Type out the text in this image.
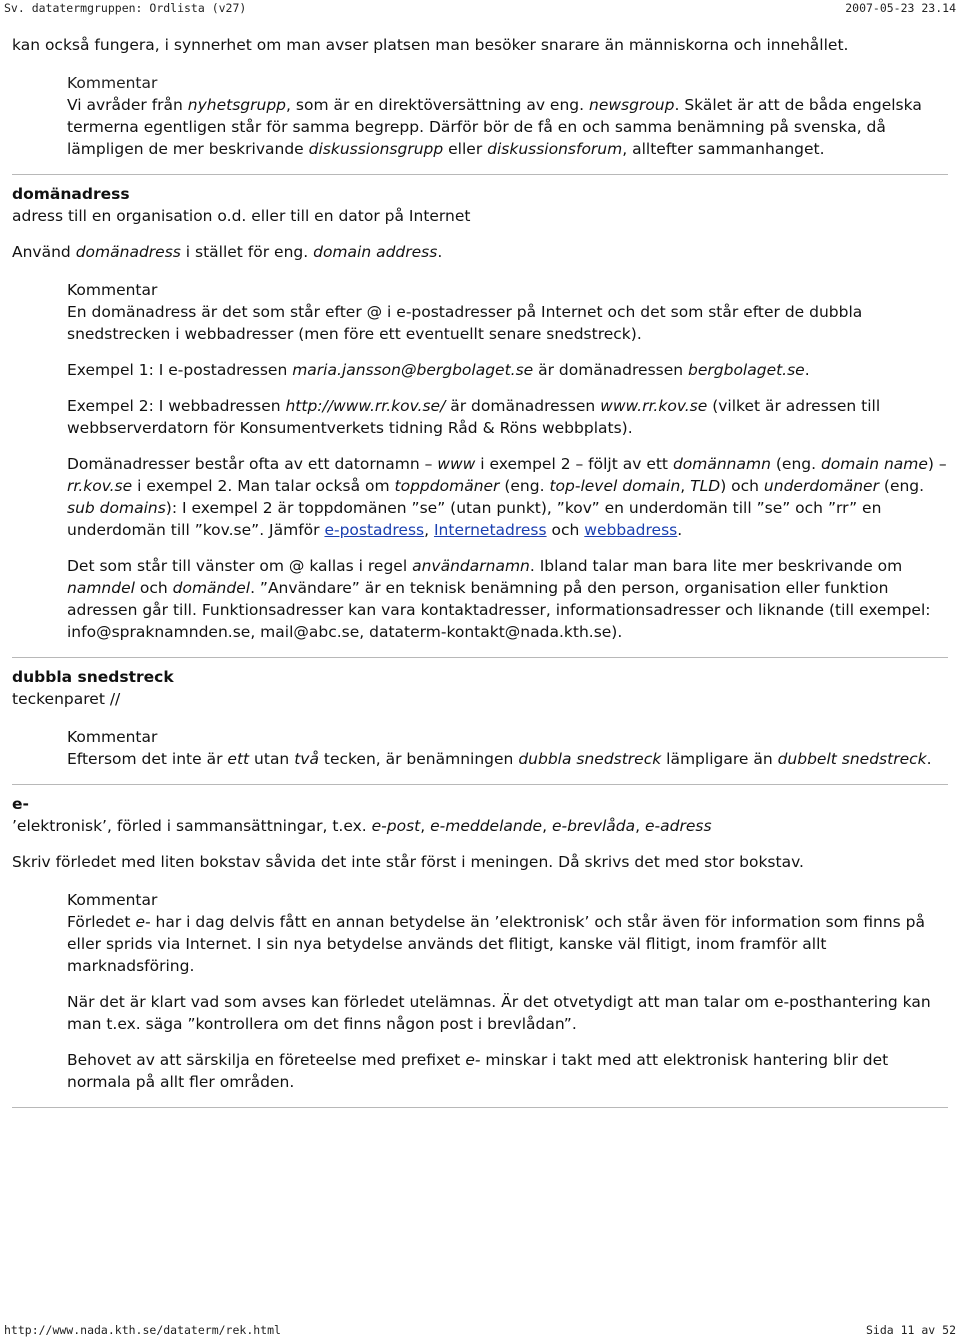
Sv. datatermgruppen: Ordlista (v27)	2007-05-23 23.14

kan också fungera, i synnerhet om man avser platsen man besöker snarare än människorna och innehållet.

Kommentar

Vi avråder från nyhetsgrupp, som är en direktöversättning av eng. newsgroup. Skälet är att de båda engelska termerna egentligen står för samma begrepp. Därför bör de få en och samma benämning på svenska, då lämpligen de mer beskrivande diskussionsgrupp eller diskussionsforum, alltefter sammanhanget.

domänadress

adress till en organisation o.d. eller till en dator på Internet

Använd domänadress i stället för eng. domain address.

Kommentar

En domänadress är det som står efter @ i e-postadresser på Internet och det som står efter de dubbla snedstrecken i webbadresser (men före ett eventuellt senare snedstreck).

Exempel 1: I e-postadressen maria.jansson@bergbolaget.se är domänadressen bergbolaget.se.

Exempel 2: I webbadressen http://www.rr.kov.se/ är domänadressen www.rr.kov.se (vilket är adressen till webbserverdatorn för Konsumentverkets tidning Råd & Röns webbplats).

Domänadresser består ofta av ett datornamn – www i exempel 2 – följt av ett domännamn (eng. domain name) – rr.kov.se i exempel 2. Man talar också om toppdomäner (eng. top-level domain, TLD) och underdomäner (eng. sub domains): I exempel 2 är toppdomänen ”se” (utan punkt), ”kov” en underdomän till ”se” och ”rr” en underdomän till ”kov.se”. Jämför e-postadress, Internetadress och webbadress.

Det som står till vänster om @ kallas i regel användarnamn. Ibland talar man bara lite mer beskrivande om namndel och domändel. ”Användare” är en teknisk benämning på den person, organisation eller funktion adressen går till. Funktionsadresser kan vara kontaktadresser, informationsadresser och liknande (till exempel: info@spraknamnden.se, mail@abc.se, dataterm-kontakt@nada.kth.se).

dubbla snedstreck

teckenparet //

Kommentar

Eftersom det inte är ett utan två tecken, är benämningen dubbla snedstreck lämpligare än dubbelt snedstreck.

e-

’elektronisk’, förled i sammansättningar, t.ex. e-post, e-meddelande, e-brevlåda, e-adress

Skriv förledet med liten bokstav såvida det inte står först i meningen. Då skrivs det med stor bokstav.

Kommentar

Förledet e- har i dag delvis fått en annan betydelse än ’elektronisk’ och står även för information som finns på eller sprids via Internet. I sin nya betydelse används det flitigt, kanske väl flitigt, inom framför allt marknadsföring.

När det är klart vad som avses kan förledet utelämnas. Är det otvetydigt att man talar om e-posthantering kan man t.ex. säga ”kontrollera om det finns någon post i brevlådan”.

Behovet av att särskilja en företeelse med prefixet e- minskar i takt med att elektronisk hantering blir det normala på allt fler områden.

http://www.nada.kth.se/dataterm/rek.html	Sida 11 av 52
